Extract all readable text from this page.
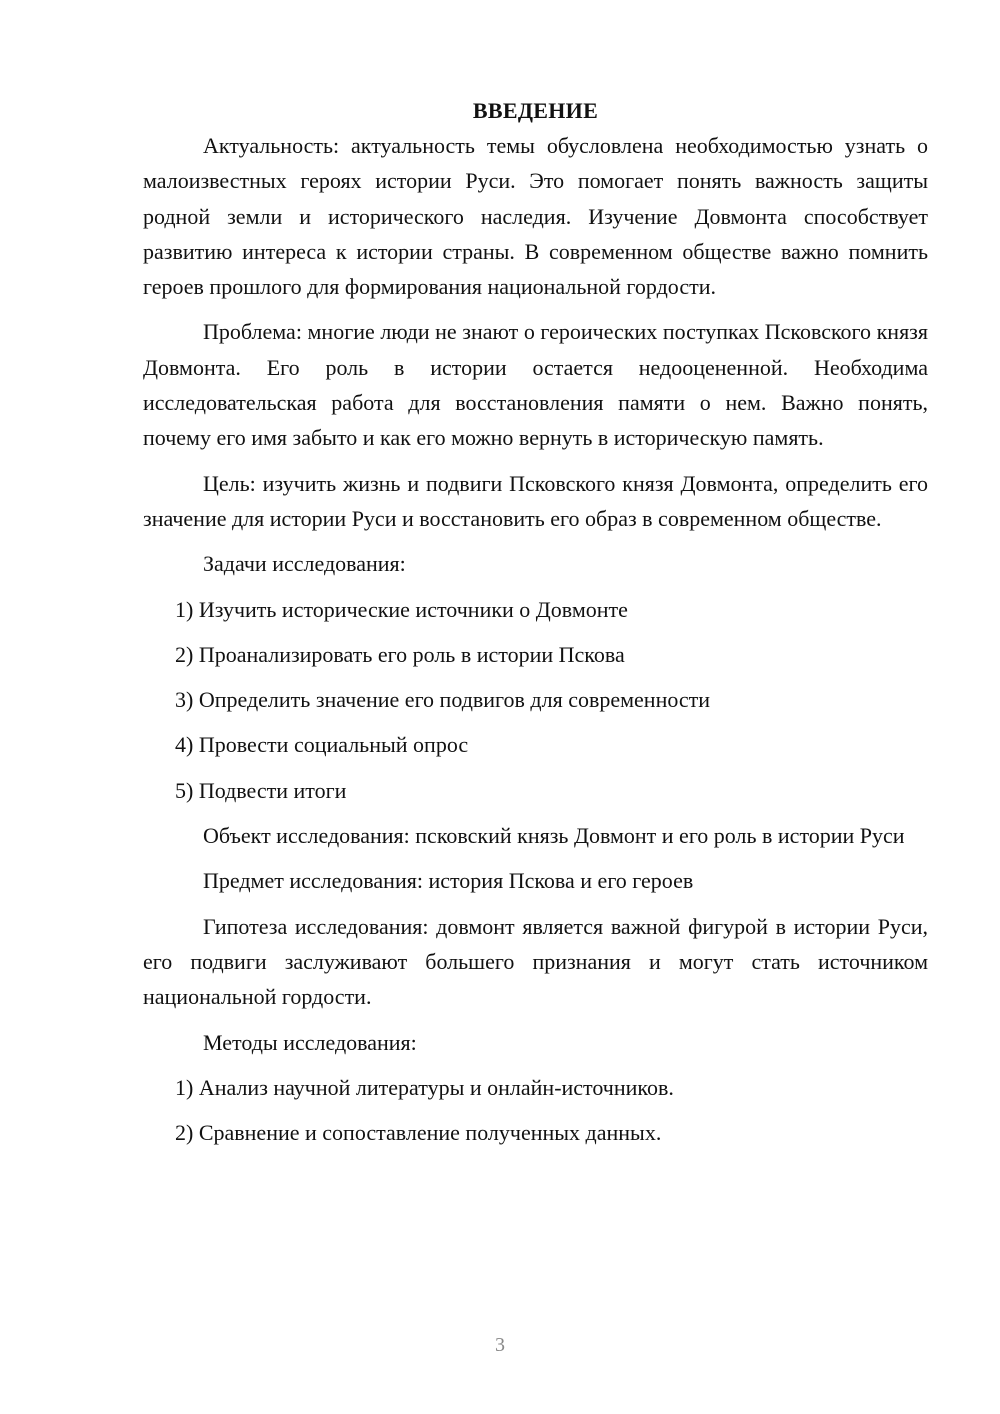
ВВЕДЕНИЕ

Актуальность: актуальность темы обусловлена необходимостью узнать о малоизвестных героях истории Руси. Это помогает понять важность защиты родной земли и исторического наследия. Изучение Довмонта способствует развитию интереса к истории страны. В современном обществе важно помнить героев прошлого для формирования национальной гордости.

Проблема: многие люди не знают о героических поступках Псковского князя Довмонта. Его роль в истории остается недооцененной. Необходима исследовательская работа для восстановления памяти о нем. Важно понять, почему его имя забыто и как его можно вернуть в историческую память.

Цель: изучить жизнь и подвиги Псковского князя Довмонта, определить его значение для истории Руси и восстановить его образ в современном обществе.

Задачи исследования:

1) Изучить исторические источники о Довмонте

2) Проанализировать его роль в истории Пскова

3) Определить значение его подвигов для современности

4) Провести социальный опрос

5) Подвести итоги

Объект исследования: псковский князь Довмонт и его роль в истории Руси

Предмет исследования: история Пскова и его героев

Гипотеза исследования: довмонт является важной фигурой в истории Руси, его подвиги заслуживают большего признания и могут стать источником национальной гордости.

Методы исследования:

1) Анализ научной литературы и онлайн-источников.

2) Сравнение и сопоставление полученных данных.

3
